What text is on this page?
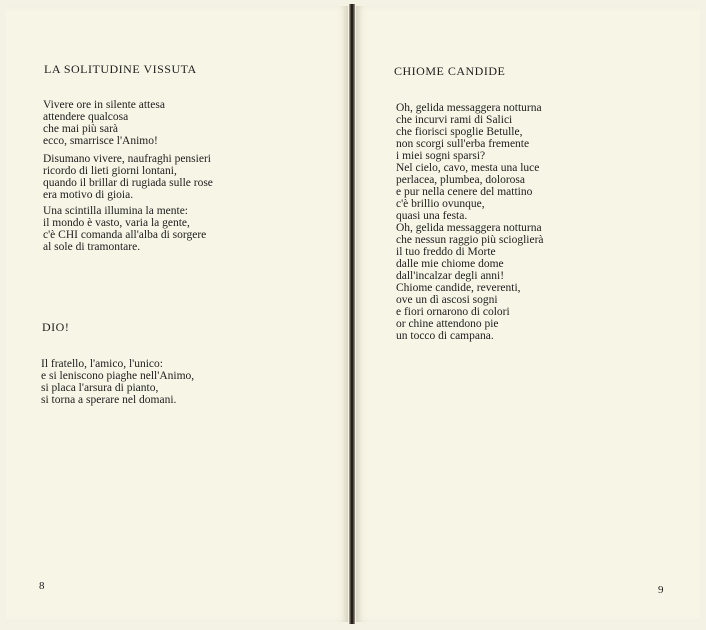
LA SOLITUDINE VISSUTA
Vivere ore in silente attesa
attendere qualcosa
che mai più sarà
ecco, smarrisce l'Animo!
Disumano vivere, naufraghi pensieri
ricordo di lieti giorni lontani,
quando il brillar di rugiada sulle rose
era motivo di gioia.
Una scintilla illumina la mente:
il mondo è vasto, varia la gente,
c'è CHI comanda all'alba di sorgere
al sole di tramontare.
DIO!
Il fratello, l'amico, l'unico:
e si leniscono piaghe nell'Animo,
si placa l'arsura di pianto,
si torna a sperare nel domani.
8
CHIOME CANDIDE
Oh, gelida messaggera notturna
che incurvi rami di Salici
che fiorisci spoglie Betulle,
non scorgi sull'erba fremente
i miei sogni sparsi?
Nel cielo, cavo, mesta una luce
perlacea, plumbea, dolorosa
e pur nella cenere del mattino
c'è brillio ovunque,
quasi una festa.
Oh, gelida messaggera notturna
che nessun raggio più scioglierà
il tuo freddo di Morte
dalle mie chiome dome
dall'incalzar degli anni!
Chiome candide, reverenti,
ove un dì ascosi sogni
e fiori ornarono di colori
or chine attendono pie
un tocco di campana.
9
